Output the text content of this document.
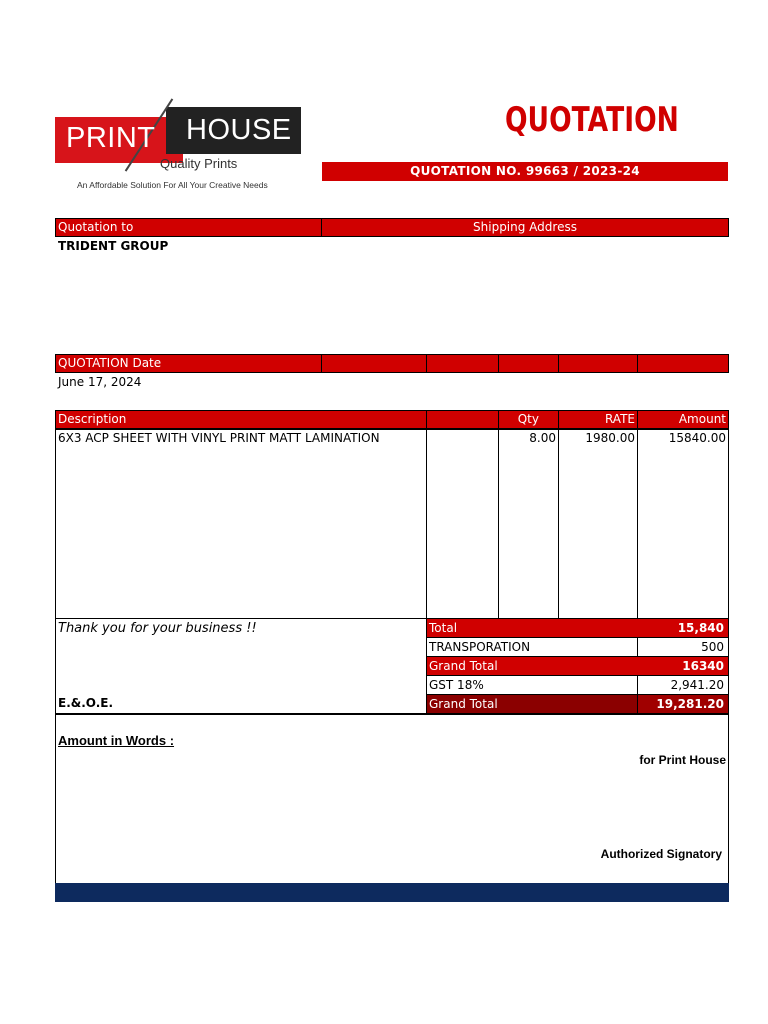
PRINT HOUSE
Quality Prints
An Affordable Solution For All Your Creative Needs
QUOTATION
QUOTATION NO. 99663 / 2023-24
Quotation to	Shipping Address
TRIDENT GROUP
QUOTATION Date
June 17, 2024
Description	Qty	RATE	Amount
6X3 ACP SHEET WITH VINYL PRINT MATT LAMINATION	8.00	1980.00	15840.00
Thank you for your business !!
E.&.O.E.
Total	15,840
TRANSPORATION	500
Grand Total	16340
GST 18%	2,941.20
Grand Total	19,281.20
Amount in Words :
for Print House
Authorized Signatory
